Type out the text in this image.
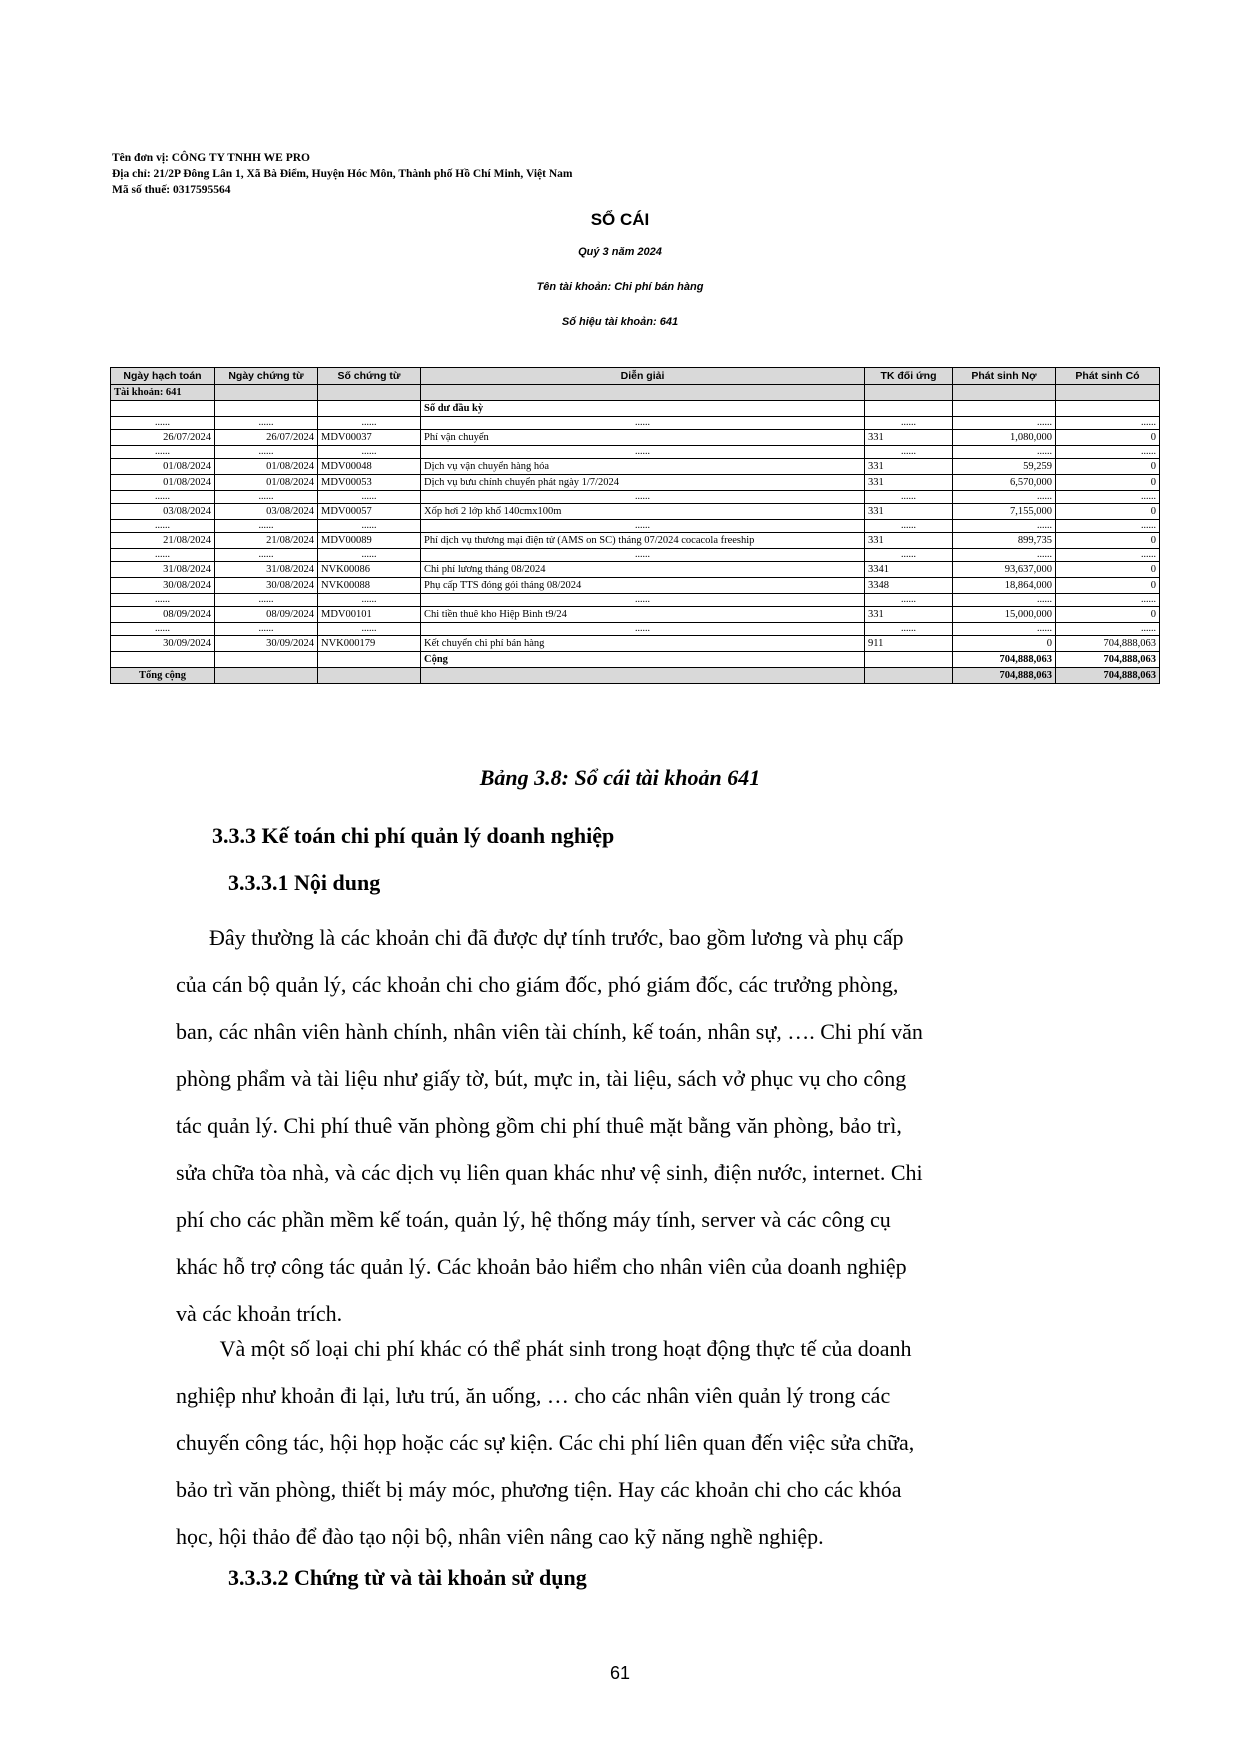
Tên đơn vị: CÔNG TY TNHH WE PRO
Địa chỉ: 21/2P Đông Lân 1, Xã Bà Điểm, Huyện Hóc Môn, Thành phố Hồ Chí Minh, Việt Nam
Mã số thuế: 0317595564
SỔ CÁI
Quý 3 năm 2024
Tên tài khoản: Chi phí bán hàng
Số hiệu tài khoản: 641
Ngày hạch toán	Ngày chứng từ	Số chứng từ	Diễn giải	TK đối ứng	Phát sinh Nợ	Phát sinh Có
Tài khoản: 641						
			Số dư đầu kỳ			
......	......	......	......	......	......	......
26/07/2024	26/07/2024	MDV00037	Phí vận chuyển	331	1,080,000	0
......	......	......	......	......	......	......
01/08/2024	01/08/2024	MDV00048	Dịch vụ vận chuyển hàng hóa	331	59,259	0
01/08/2024	01/08/2024	MDV00053	Dịch vụ bưu chính chuyển phát ngày 1/7/2024	331	6,570,000	0
......	......	......	......	......	......	......
03/08/2024	03/08/2024	MDV00057	Xốp hơi 2 lớp khổ 140cmx100m	331	7,155,000	0
......	......	......	......	......	......	......
21/08/2024	21/08/2024	MDV00089	Phí dịch vụ thương mại điện tử (AMS on SC) tháng 07/2024 cocacola freeship	331	899,735	0
......	......	......	......	......	......	......
31/08/2024	31/08/2024	NVK00086	Chi phí lương tháng 08/2024	3341	93,637,000	0
30/08/2024	30/08/2024	NVK00088	Phụ cấp TTS đóng gói tháng 08/2024	3348	18,864,000	0
......	......	......	......	......	......	......
08/09/2024	08/09/2024	MDV00101	Chi tiền thuê kho Hiệp Bình t9/24	331	15,000,000	0
......	......	......	......	......	......	......
30/09/2024	30/09/2024	NVK000179	Kết chuyển chi phí bán hàng	911	0	704,888,063
			Cộng		704,888,063	704,888,063
Tổng cộng					704,888,063	704,888,063
Bảng 3.8: Sổ cái tài khoản 641
3.3.3 Kế toán chi phí quản lý doanh nghiệp
3.3.3.1 Nội dung
Đây thường là các khoản chi đã được dự tính trước, bao gồm lương và phụ cấp
của cán bộ quản lý, các khoản chi cho giám đốc, phó giám đốc, các trưởng phòng,
ban, các nhân viên hành chính, nhân viên tài chính, kế toán, nhân sự, …. Chi phí văn
phòng phẩm và tài liệu như giấy tờ, bút, mực in, tài liệu, sách vở phục vụ cho công
tác quản lý. Chi phí thuê văn phòng gồm chi phí thuê mặt bằng văn phòng, bảo trì,
sửa chữa tòa nhà, và các dịch vụ liên quan khác như vệ sinh, điện nước, internet. Chi
phí cho các phần mềm kế toán, quản lý, hệ thống máy tính, server và các công cụ
khác hỗ trợ công tác quản lý. Các khoản bảo hiểm cho nhân viên của doanh nghiệp
và các khoản trích.
Và một số loại chi phí khác có thể phát sinh trong hoạt động thực tế của doanh
nghiệp như khoản đi lại, lưu trú, ăn uống, … cho các nhân viên quản lý trong các
chuyến công tác, hội họp hoặc các sự kiện. Các chi phí liên quan đến việc sửa chữa,
bảo trì văn phòng, thiết bị máy móc, phương tiện. Hay các khoản chi cho các khóa
học, hội thảo để đào tạo nội bộ, nhân viên nâng cao kỹ năng nghề nghiệp.
3.3.3.2 Chứng từ và tài khoản sử dụng
61
